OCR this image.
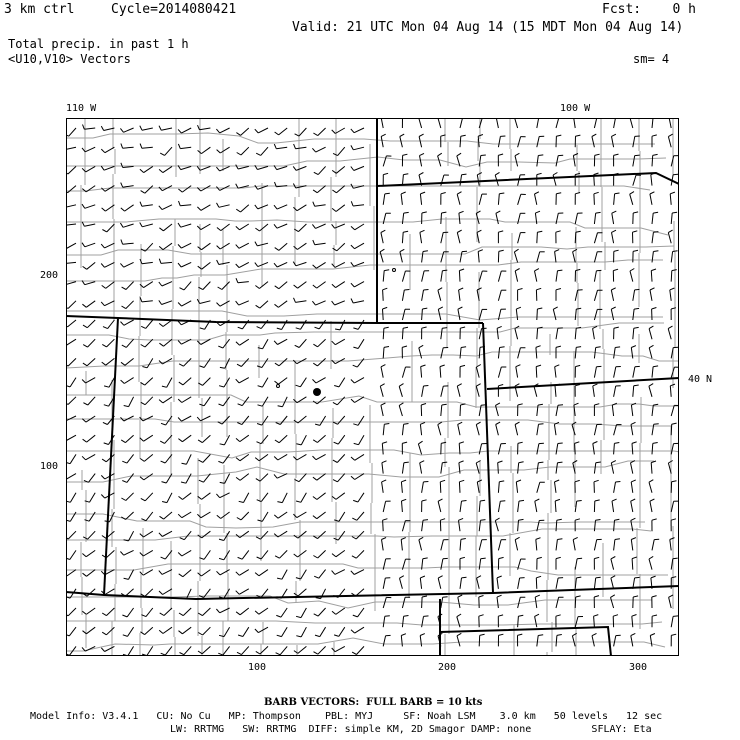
3 km ctrl	Cycle=2014080421	Fcst:    0 h
Valid: 21 UTC Mon 04 Aug 14 (15 MDT Mon 04 Aug 14)
Total precip. in past 1 h
<U10,V10> Vectors	sm= 4
110 W	100 W
40 N
200
100
100	200	300
BARB VECTORS:  FULL BARB = 10 kts
Model Info: V3.4.1   CU: No Cu   MP: Thompson    PBL: MYJ     SF: Noah LSM    3.0 km   50 levels   12 sec
LW: RRTMG   SW: RRTMG  DIFF: simple KM, 2D Smagor DAMP: none          SFLAY: Eta
